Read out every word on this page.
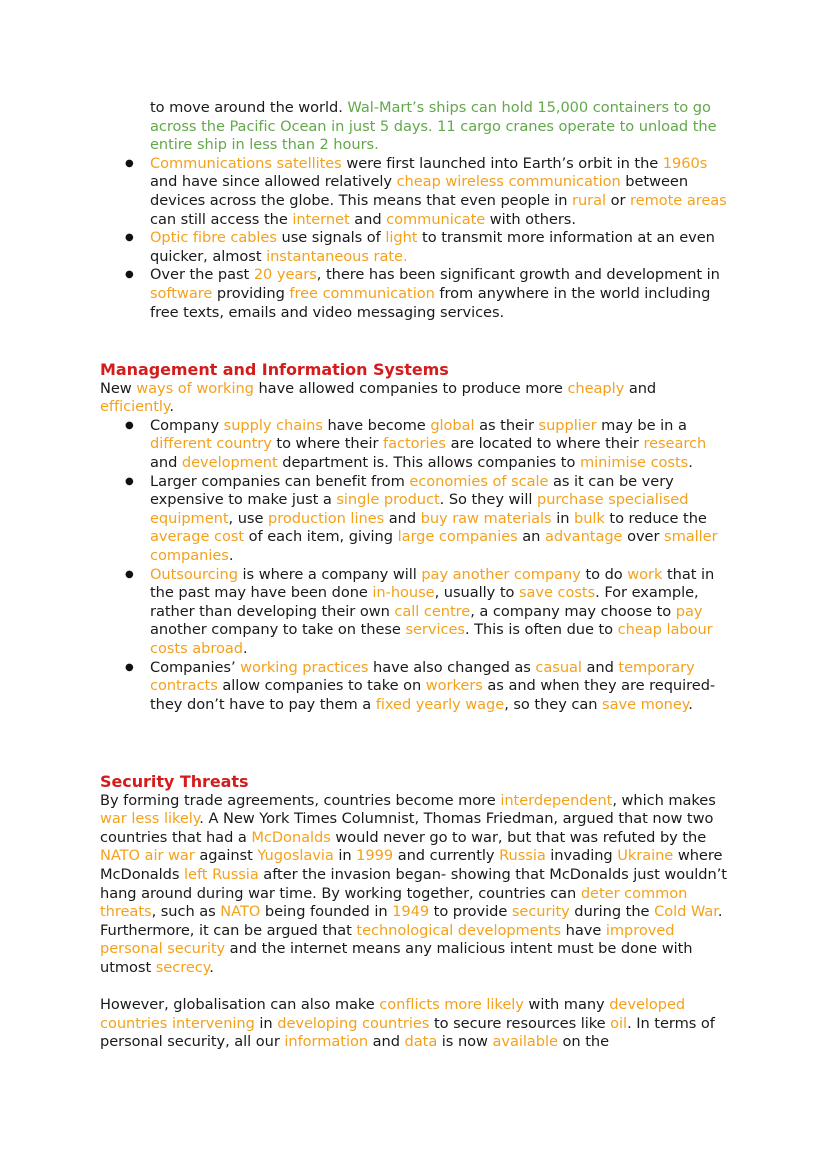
to move around the world. Wal-Mart’s ships can hold 15,000 containers to go across the Pacific Ocean in just 5 days. 11 cargo cranes operate to unload the entire ship in less than 2 hours.
● Communications satellites were first launched into Earth’s orbit in the 1960s and have since allowed relatively cheap wireless communication between devices across the globe. This means that even people in rural or remote areas can still access the internet and communicate with others.
● Optic fibre cables use signals of light to transmit more information at an even quicker, almost instantaneous rate.
● Over the past 20 years, there has been significant growth and development in software providing free communication from anywhere in the world including free texts, emails and video messaging services.

Management and Information Systems

New ways of working have allowed companies to produce more cheaply and efficiently.

● Company supply chains have become global as their supplier may be in a different country to where their factories are located to where their research and development department is. This allows companies to minimise costs.
● Larger companies can benefit from economies of scale as it can be very expensive to make just a single product. So they will purchase specialised equipment, use production lines and buy raw materials in bulk to reduce the average cost of each item, giving large companies an advantage over smaller companies.
● Outsourcing is where a company will pay another company to do work that in the past may have been done in-house, usually to save costs. For example, rather than developing their own call centre, a company may choose to pay another company to take on these services. This is often due to cheap labour costs abroad.
● Companies’ working practices have also changed as casual and temporary contracts allow companies to take on workers as and when they are required- they don’t have to pay them a fixed yearly wage, so they can save money.

Security Threats

By forming trade agreements, countries become more interdependent, which makes war less likely. A New York Times Columnist, Thomas Friedman, argued that now two countries that had a McDonalds would never go to war, but that was refuted by the NATO air war against Yugoslavia in 1999 and currently Russia invading Ukraine where McDonalds left Russia after the invasion began- showing that McDonalds just wouldn’t hang around during war time. By working together, countries can deter common threats, such as NATO being founded in 1949 to provide security during the Cold War. Furthermore, it can be argued that technological developments have improved personal security and the internet means any malicious intent must be done with utmost secrecy.

However, globalisation can also make conflicts more likely with many developed countries intervening in developing countries to secure resources like oil. In terms of personal security, all our information and data is now available on the
